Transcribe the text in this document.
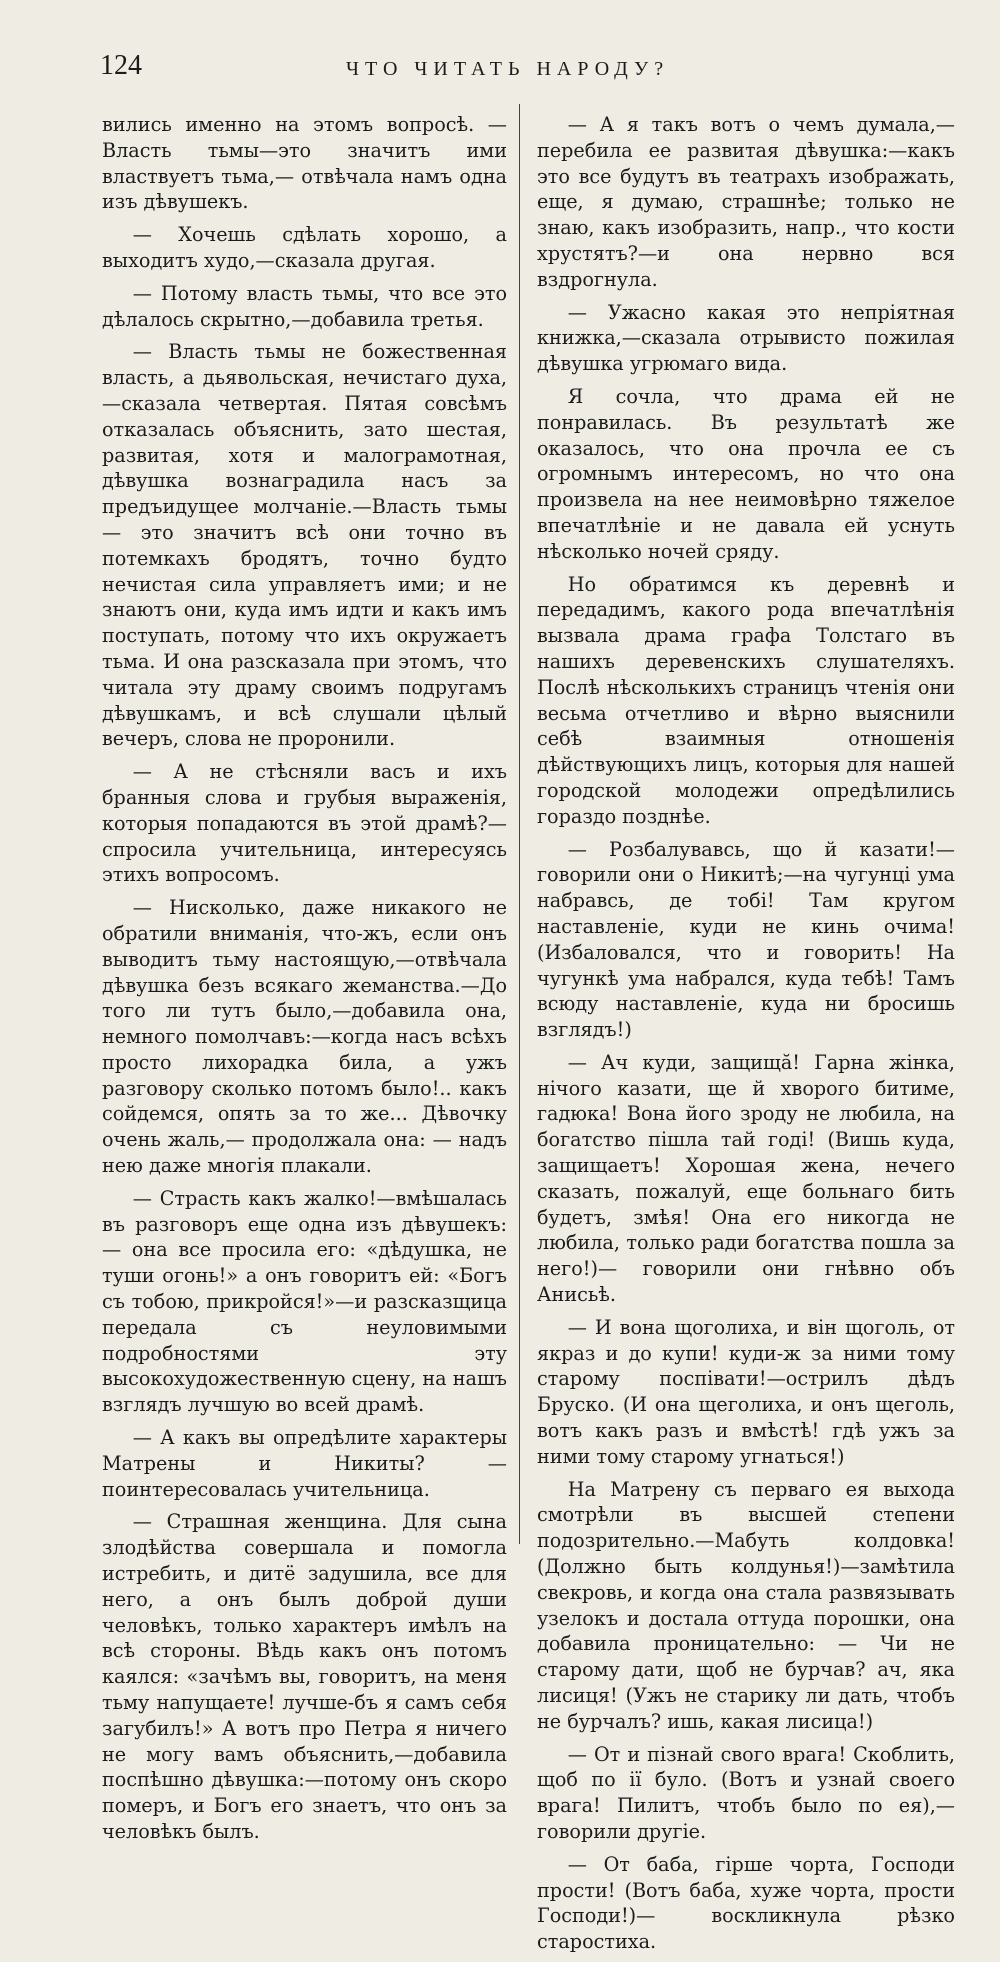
124	ЧТО ЧИТАТЬ НАРОДУ?

вились именно на этомъ вопросѣ. — Власть тьмы—это значитъ ими властвуетъ тьма,— отвѣчала намъ одна изъ дѣвушекъ.

— Хочешь сдѣлать хорошо, а выходитъ худо,—сказала другая.

— Потому власть тьмы, что все это дѣлалось скрытно,—добавила третья.

— Власть тьмы не божественная власть, а дьявольская, нечистаго духа,—сказала четвертая. Пятая совсѣмъ отказалась объяснить, зато шестая, развитая, хотя и малограмотная, дѣвушка вознаградила насъ за предъидущее молчаніе.—Власть тьмы — это значитъ всѣ они точно въ потемкахъ бродятъ, точно будто нечистая сила управляетъ ими; и не знаютъ они, куда имъ идти и какъ имъ поступать, потому что ихъ окружаетъ тьма. И она разсказала при этомъ, что читала эту драму своимъ подругамъ дѣвушкамъ, и всѣ слушали цѣлый вечеръ, слова не проронили.

— А не стѣсняли васъ и ихъ бранныя слова и грубыя выраженія, которыя попадаются въ этой драмѣ?—спросила учительница, интересуясь этихъ вопросомъ.

— Нисколько, даже никакого не обратили вниманія, что-жъ, если онъ выводитъ тьму настоящую,—отвѣчала дѣвушка безъ всякаго жеманства.—До того ли тутъ было,—добавила она, немного помолчавъ:—когда насъ всѣхъ просто лихорадка била, а ужъ разговору сколько потомъ было!.. какъ сойдемся, опять за то же... Дѣвочку очень жаль,— продолжала она: — надъ нею даже многія плакали.

— Страсть какъ жалко!—вмѣшалась въ разговоръ еще одна изъ дѣвушекъ: — она все просила его: «дѣдушка, не туши огонь!» а онъ говоритъ ей: «Богъ съ тобою, прикройся!»—и разсказщица передала съ неуловимыми подробностями эту высокохудожественную сцену, на нашъ взглядъ лучшую во всей драмѣ.

— А какъ вы опредѣлите характеры Матрены и Никиты? — поинтересовалась учительница.

— Страшная женщина. Для сына злодѣйства совершала и помогла истребить, и дитё задушила, все для него, а онъ былъ доброй души человѣкъ, только характеръ имѣлъ на всѣ стороны. Вѣдь какъ онъ потомъ каялся: «зачѣмъ вы, говоритъ, на меня тьму напущаете! лучше-бъ я самъ себя загубилъ!» А вотъ про Петра я ничего не могу вамъ объяснить,—добавила поспѣшно дѣвушка:—потому онъ скоро померъ, и Богъ его знаетъ, что онъ за человѣкъ былъ.

— А я такъ вотъ о чемъ думала,—перебила ее развитая дѣвушка:—какъ это все будутъ въ театрахъ изображать, еще, я думаю, страшнѣе; только не знаю, какъ изобразить, напр., что кости хрустятъ?—и она нервно вся вздрогнула.

— Ужасно какая это непріятная книжка,—сказала отрывисто пожилая дѣвушка угрюмаго вида.

Я сочла, что драма ей не понравилась. Въ результатѣ же оказалось, что она прочла ее съ огромнымъ интересомъ, но что она произвела на нее неимовѣрно тяжелое впечатлѣніе и не давала ей уснуть нѣсколько ночей сряду.

Но обратимся къ деревнѣ и передадимъ, какого рода впечатлѣнія вызвала драма графа Толстаго въ нашихъ деревенскихъ слушателяхъ. Послѣ нѣсколькихъ страницъ чтенія они весьма отчетливо и вѣрно выяснили себѣ взаимныя отношенія дѣйствующихъ лицъ, которыя для нашей городской молодежи опредѣлились гораздо позднѣе.

— Розбалувавсь, що й казати!—говорили они о Никитѣ;—на чугунці ума набравсь, де тобі! Там кругом наставленіе, куди не кинь очима! (Избаловался, что и говорить! На чугункѣ ума набрался, куда тебѣ! Тамъ всюду наставленіе, куда ни бросишь взглядъ!)

— Ач куди, защищă! Гарна жінка, нічого казати, ще й хворого битиме, гадюка! Вона його зроду не любила, на богатство пішла тай годі! (Вишь куда, защищаетъ! Хорошая жена, нечего сказать, пожалуй, еще больнаго бить будетъ, змѣя! Она его никогда не любила, только ради богатства пошла за него!)— говорили они гнѣвно объ Анисьѣ.

— И вона щоголиха, и він щоголь, от якраз и до купи! куди-ж за ними тому старому поспівати!—острилъ дѣдъ Бруско. (И она щеголиха, и онъ щеголь, вотъ какъ разъ и вмѣстѣ! гдѣ ужъ за ними тому старому угнаться!)

На Матрену съ перваго ея выхода смотрѣли въ высшей степени подозрительно.—Мабуть колдовка! (Должно быть колдунья!)—замѣтила свекровь, и когда она стала развязывать узелокъ и достала оттуда порошки, она добавила проницательно: — Чи не старому дати, щоб не бурчав? ач, яка лисиця! (Ужъ не старику ли дать, чтобъ не бурчалъ? ишь, какая лисица!)

— От и пізнай свого врага! Скоблить, щоб по ії було. (Вотъ и узнай своего врага! Пилитъ, чтобъ было по ея),—говорили другіе.

— От баба, гірше чорта, Господи прости! (Вотъ баба, хуже чорта, прости Господи!)— воскликнула рѣзко старостиха.
